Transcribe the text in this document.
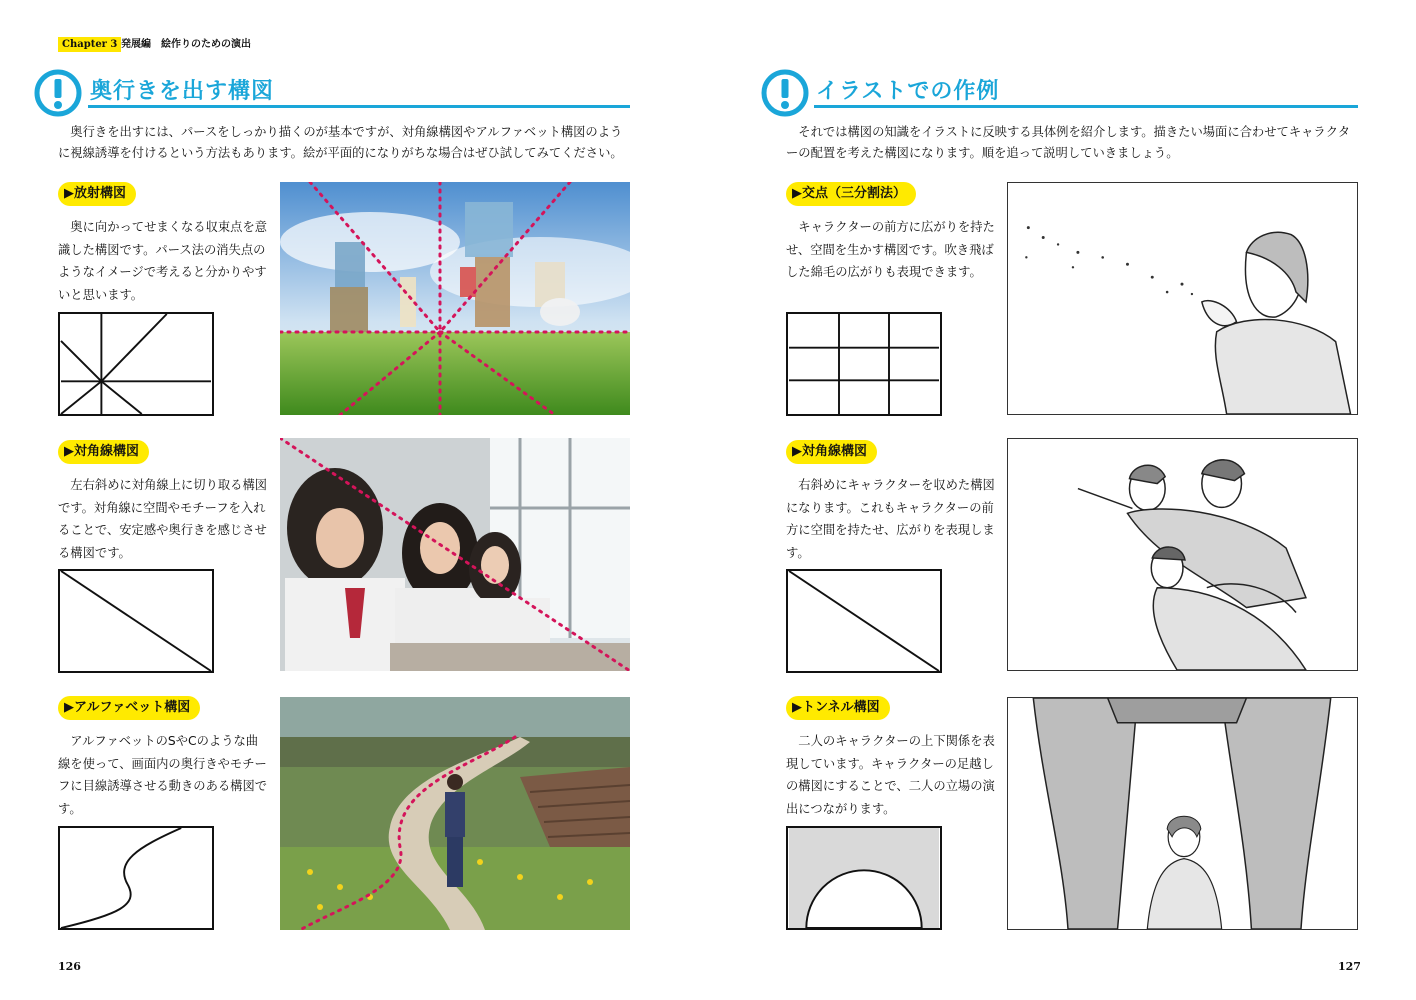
Chapter 3 発展編　絵作りのための演出
奥行きを出す構図

奥行きを出すには、パースをしっかり描くのが基本ですが、対角線構図やアルファベット構図のように視線誘導を付けるという方法もあります。絵が平面的になりがちな場合はぜひ試してみてください。

▶放射構図
奥に向かってせまくなる収束点を意識した構図です。パース法の消失点のようなイメージで考えると分かりやすいと思います。
▶対角線構図
左右斜めに対角線上に切り取る構図です。対角線に空間やモチーフを入れることで、安定感や奥行きを感じさせる構図です。
▶アルファベット構図
アルファベットのSやCのような曲線を使って、画面内の奥行きやモチーフに目線誘導させる動きのある構図です。
126
イラストでの作例

それでは構図の知識をイラストに反映する具体例を紹介します。描きたい場面に合わせてキャラクターの配置を考えた構図になります。順を追って説明していきましょう。

▶交点（三分割法）
キャラクターの前方に広がりを持たせ、空間を生かす構図です。吹き飛ばした綿毛の広がりも表現できます。
▶対角線構図
右斜めにキャラクターを収めた構図になります。これもキャラクターの前方に空間を持たせ、広がりを表現します。
▶トンネル構図
二人のキャラクターの上下関係を表現しています。キャラクターの足越しの構図にすることで、二人の立場の演出につながります。
127
